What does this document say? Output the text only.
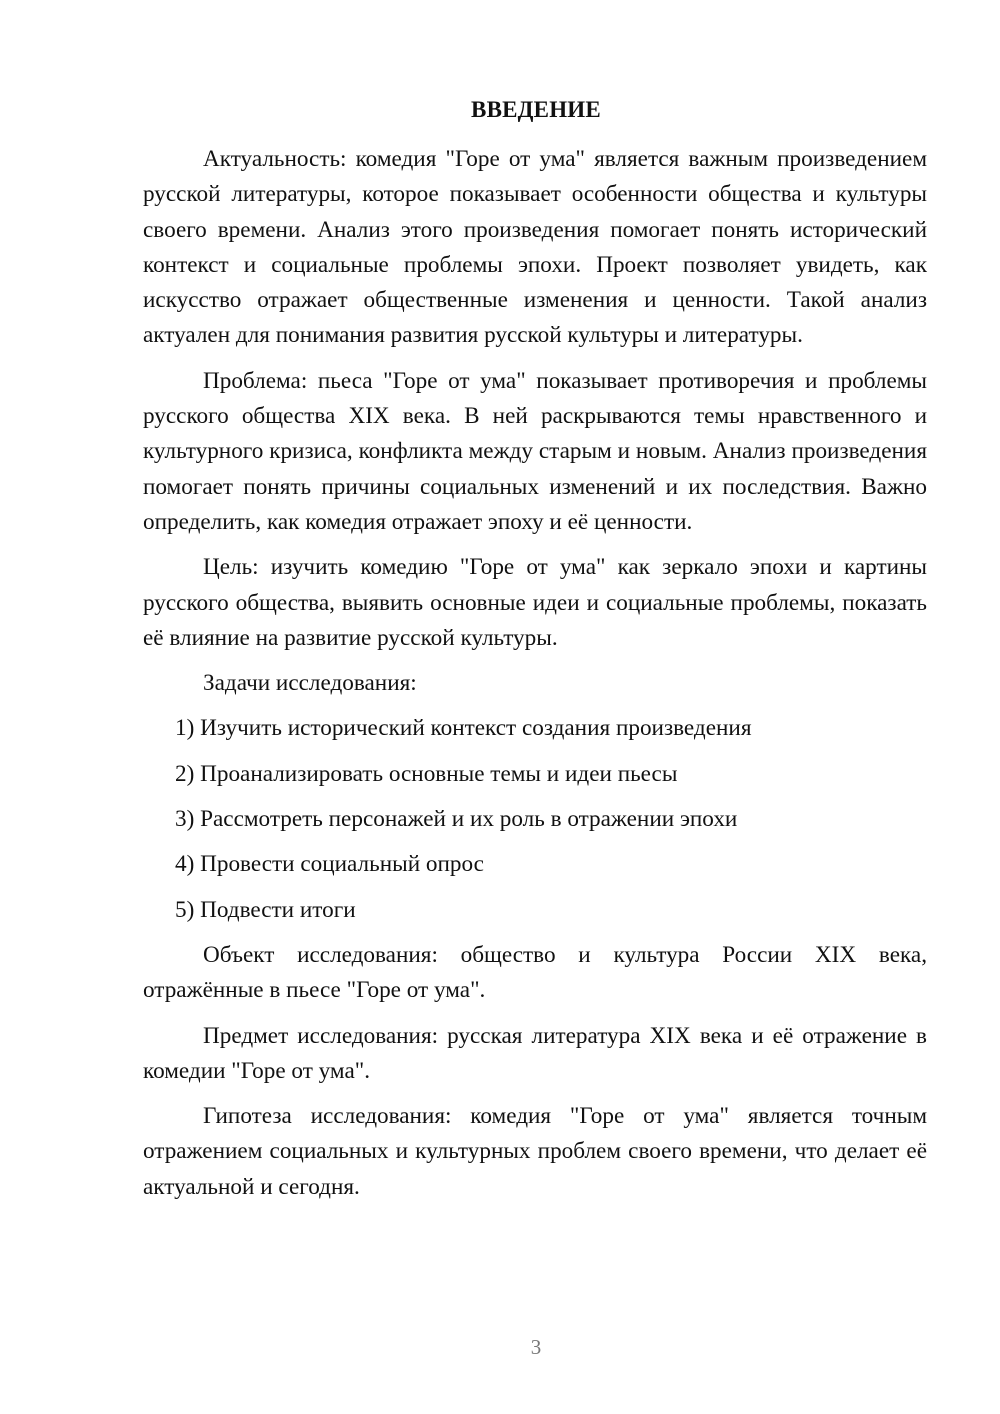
ВВЕДЕНИЕ

Актуальность: комедия "Горе от ума" является важным произведением русской литературы, которое показывает особенности общества и культуры своего времени. Анализ этого произведения помогает понять исторический контекст и социальные проблемы эпохи. Проект позволяет увидеть, как искусство отражает общественные изменения и ценности. Такой анализ актуален для понимания развития русской культуры и литературы.

Проблема: пьеса "Горе от ума" показывает противоречия и проблемы русского общества XIX века. В ней раскрываются темы нравственного и культурного кризиса, конфликта между старым и новым. Анализ произведения помогает понять причины социальных изменений и их последствия. Важно определить, как комедия отражает эпоху и её ценности.

Цель: изучить комедию "Горе от ума" как зеркало эпохи и картины русского общества, выявить основные идеи и социальные проблемы, показать её влияние на развитие русской культуры.

Задачи исследования:

1) Изучить исторический контекст создания произведения
2) Проанализировать основные темы и идеи пьесы
3) Рассмотреть персонажей и их роль в отражении эпохи
4) Провести социальный опрос
5) Подвести итоги

Объект исследования: общество и культура России XIX века, отражённые в пьесе "Горе от ума".

Предмет исследования: русская литература XIX века и её отражение в комедии "Горе от ума".

Гипотеза исследования: комедия "Горе от ума" является точным отражением социальных и культурных проблем своего времени, что делает её актуальной и сегодня.

3
